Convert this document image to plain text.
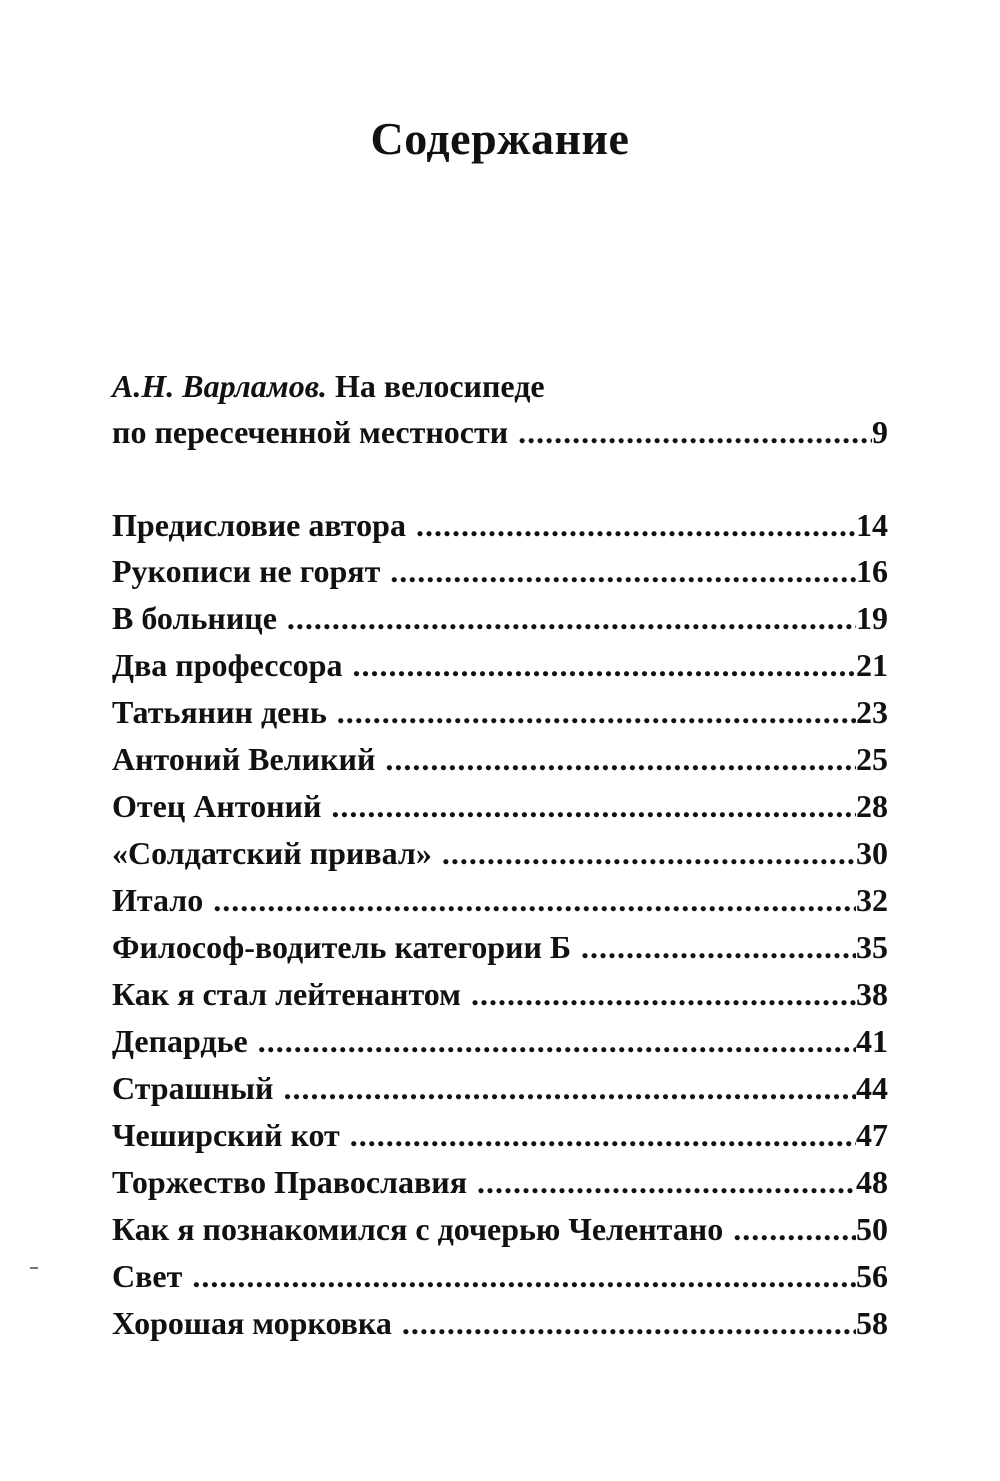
Содержание
А.Н. Варламов. На велосипеде
по пересеченной местности .....	9
Предисловие автора .....	14
Рукописи не горят .....	16
В больнице .....	19
Два профессора .....	21
Татьянин день .....	23
Антоний Великий .....	25
Отец Антоний .....	28
«Солдатский привал» .....	30
Итало .....	32
Философ-водитель категории Б .....	35
Как я стал лейтенантом .....	38
Депардье .....	41
Страшный .....	44
Чеширский кот .....	47
Торжество Православия .....	48
Как я познакомился с дочерью Челентано .....	50
Свет .....	56
Хорошая морковка .....	58
